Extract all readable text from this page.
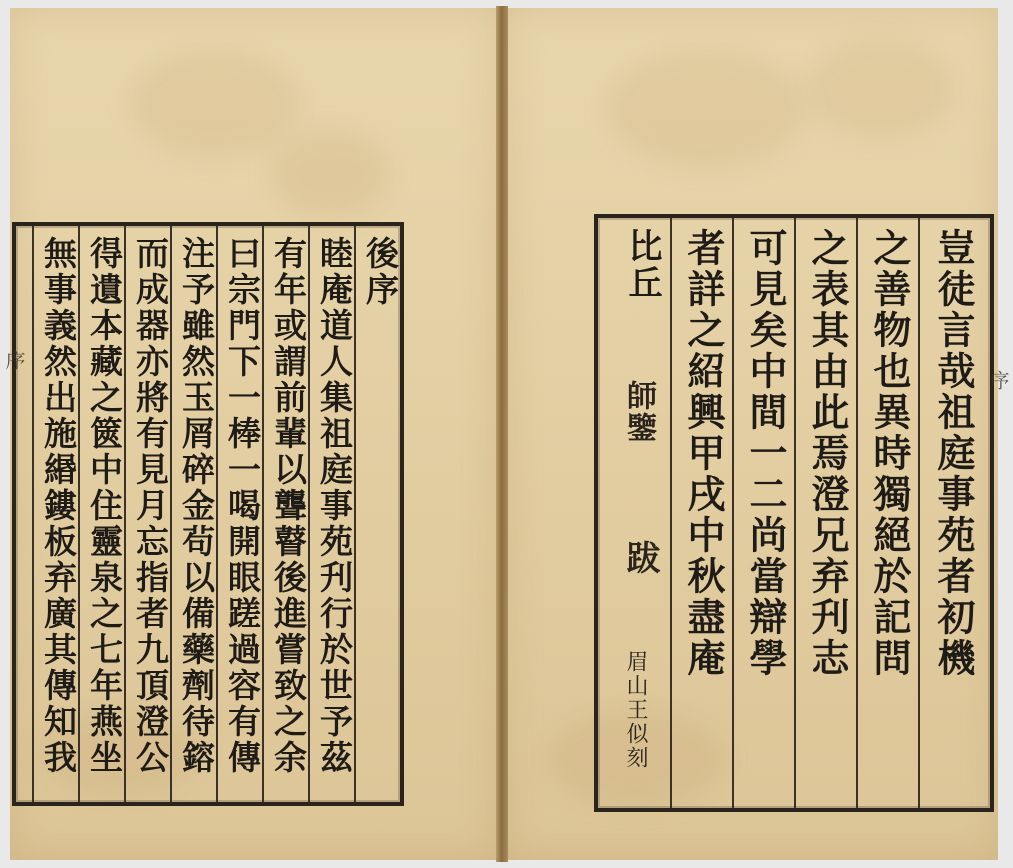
後序
睦庵道人集祖庭事苑刋行於世予茲
有年或謂前輩以聾瞽後進嘗致之余
曰宗門下一棒一喝開眼蹉過容有傳
注予雖然玉屑碎金茍以備藥劑待鎔
而成器亦將有見月忘指者九頂澄公
得遺本藏之篋中住靈泉之七年燕坐
無事義然出施緡鏤板弃廣其傳知我
序	豈徒言哉祖庭事苑者初機
之善物也異時獨絕於記問
之表其由此焉澄兄弃刋志
可見矣中間一二尚當辯學
者詳之紹興甲戌中秋盡庵
比丘
師鑒
跋
眉山王似刻
序
